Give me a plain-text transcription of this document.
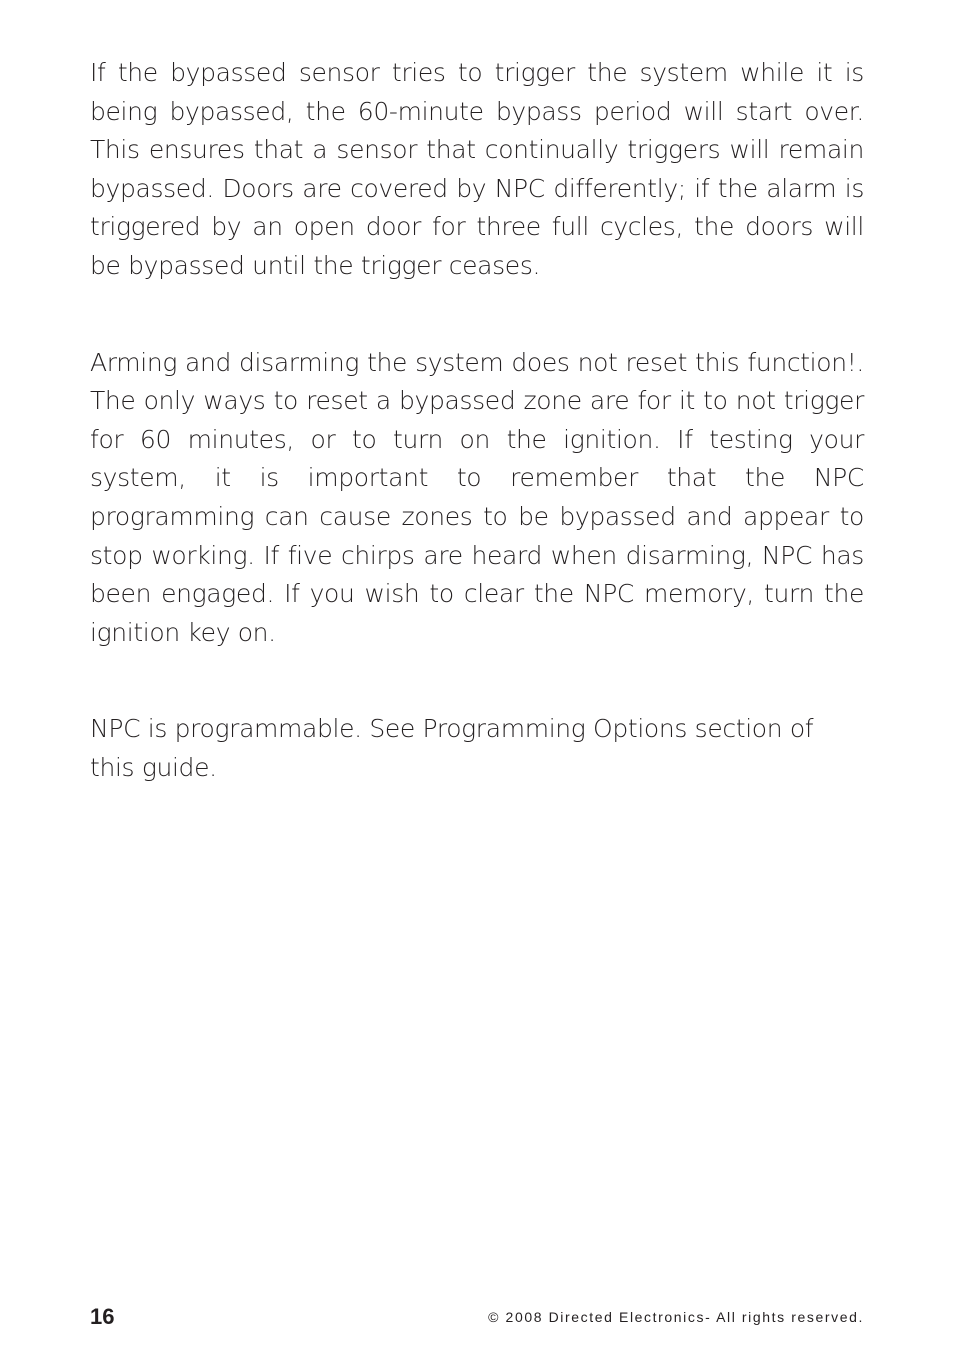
If the bypassed sensor tries to trigger the system while it is being bypassed, the 60-minute bypass period will start over. This ensures that a sensor that continually triggers will remain bypassed. Doors are covered by NPC differently; if the alarm is triggered by an open door for three full cycles, the doors will be bypassed until the trigger ceases.

Arming and disarming the system does not reset this function!. The only ways to reset a bypassed zone are for it to not trigger for 60 minutes, or to turn on the ignition. If testing your system, it is important to remember that the NPC programming can cause zones to be bypassed and appear to stop working. If five chirps are heard when disarming, NPC has been engaged. If you wish to clear the NPC memory, turn the ignition key on.

NPC is programmable. See Programming Options section of this guide.

16	© 2008 Directed Electronics- All rights reserved.
